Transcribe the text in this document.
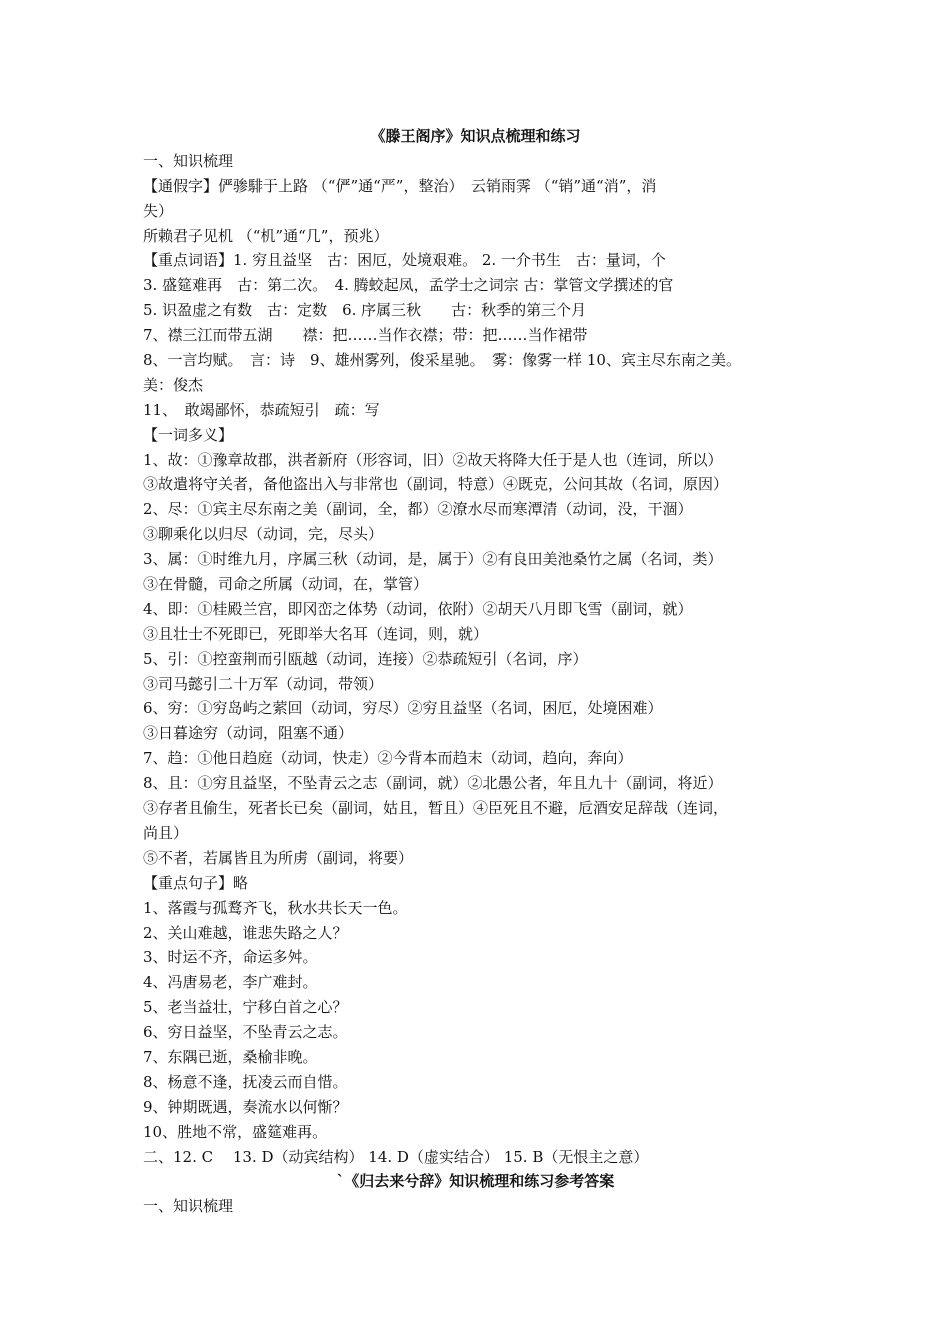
《滕王阁序》知识点梳理和练习
一、知识梳理
【通假字】俨骖騑于上路 （“俨”通“严”，整治）　云销雨霁 （“销”通“消”，消
失）
所赖君子见机 （“机”通“几”，预兆）
【重点词语】1. 穷且益坚　古：困厄，处境艰难。 2. 一介书生　古：量词，个
3. 盛筵难再　古：第二次。　4. 腾蛟起凤，孟学士之词宗 古：掌管文学撰述的官
5. 识盈虚之有数　古：定数　6. 序属三秋　　古：秋季的第三个月
7、襟三江而带五湖　　襟：把……当作衣襟；带：把……当作裙带
8、一言均赋。　言：诗　9、雄州雾列，俊采星驰。　雾：像雾一样 10、宾主尽东南之美。
美：俊杰
11、　敢竭鄙怀，恭疏短引　疏：写
【一词多义】
1、故：①豫章故郡，洪者新府（形容词，旧）②故天将降大任于是人也（连词，所以）
③故遣将守关者，备他盗出入与非常也（副词，特意）④既克，公问其故（名词，原因）
2、尽：①宾主尽东南之美（副词，全，都）②潦水尽而寒潭清（动词，没，干涸）
③聊乘化以归尽（动词，完，尽头）
3、属：①时维九月，序属三秋（动词，是，属于）②有良田美池桑竹之属（名词，类）
③在骨髓，司命之所属（动词，在，掌管）
4、即：①桂殿兰宫，即冈峦之体势（动词，依附）②胡天八月即飞雪（副词，就）
③且壮士不死即已，死即举大名耳（连词，则，就）
5、引：①控蛮荆而引瓯越（动词，连接）②恭疏短引（名词，序）
③司马懿引二十万军（动词，带领）
6、穷：①穷岛屿之萦回（动词，穷尽）②穷且益坚（名词，困厄，处境困难）
③日暮途穷（动词，阻塞不通）
7、趋：①他日趋庭（动词，快走）②今背本而趋末（动词，趋向，奔向）
8、且：①穷且益坚，不坠青云之志（副词，就）②北愚公者，年且九十（副词，将近）
③存者且偷生，死者长已矣（副词，姑且，暂且）④臣死且不避，卮酒安足辞哉（连词，
尚且）
⑤不者，若属皆且为所虏（副词，将要）
【重点句子】略
1、落霞与孤鹜齐飞，秋水共长天一色。
2、关山难越，谁悲失路之人？
3、时运不齐，命运多舛。
4、冯唐易老，李广难封。
5、老当益壮，宁移白首之心？
6、穷日益坚，不坠青云之志。
7、东隅已逝，桑榆非晚。
8、杨意不逢，抚凌云而自惜。
9、钟期既遇，奏流水以何惭？
10、胜地不常，盛筵难再。
二、12. C　 13. D（动宾结构） 14. D（虚实结合） 15. B（无恨主之意）
`《归去来兮辞》知识梳理和练习参考答案
一、知识梳理
